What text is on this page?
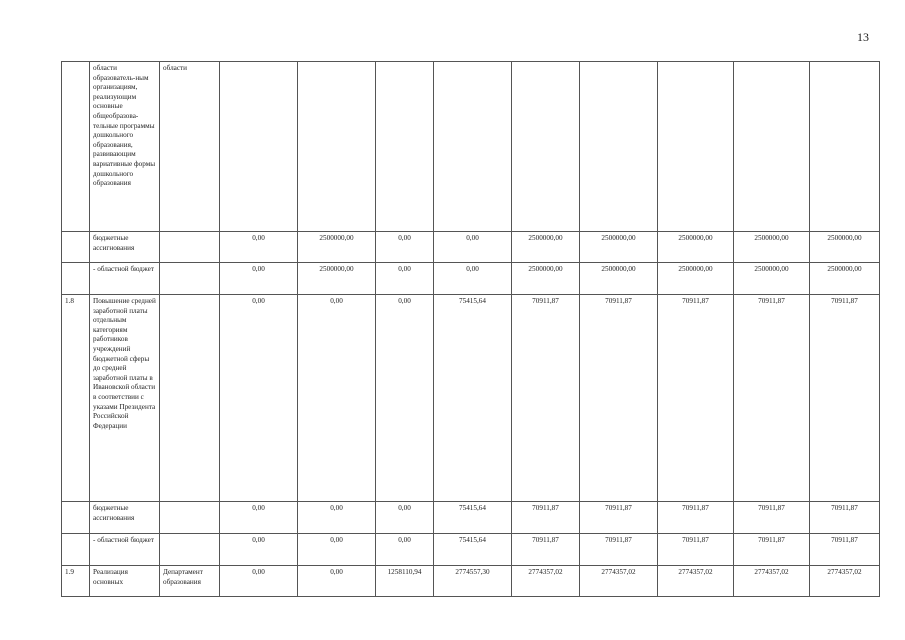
13
	области образователь-ным организациям, реализующим основные общеобразова-тельные программы дошкольного образования, развивающим вариативные формы дошкольного образования	области									
	бюджетные ассигнования		0,00	2500000,00	0,00	0,00	2500000,00	2500000,00	2500000,00	2500000,00	2500000,00
	- областной бюджет		0,00	2500000,00	0,00	0,00	2500000,00	2500000,00	2500000,00	2500000,00	2500000,00
1.8	Повышение средней заработной платы отдельным категориям работников учреждений бюджетной сферы до средней заработной платы в Ивановской области в соответствии с указами Президента Российской Федерации		0,00	0,00	0,00	75415,64	70911,87	70911,87	70911,87	70911,87	70911,87
	бюджетные ассигнования		0,00	0,00	0,00	75415,64	70911,87	70911,87	70911,87	70911,87	70911,87
	- областной бюджет		0,00	0,00	0,00	75415,64	70911,87	70911,87	70911,87	70911,87	70911,87
1.9	Реализация основных	Департамент образования	0,00	0,00	1258110,94	2774557,30	2774357,02	2774357,02	2774357,02	2774357,02	2774357,02
